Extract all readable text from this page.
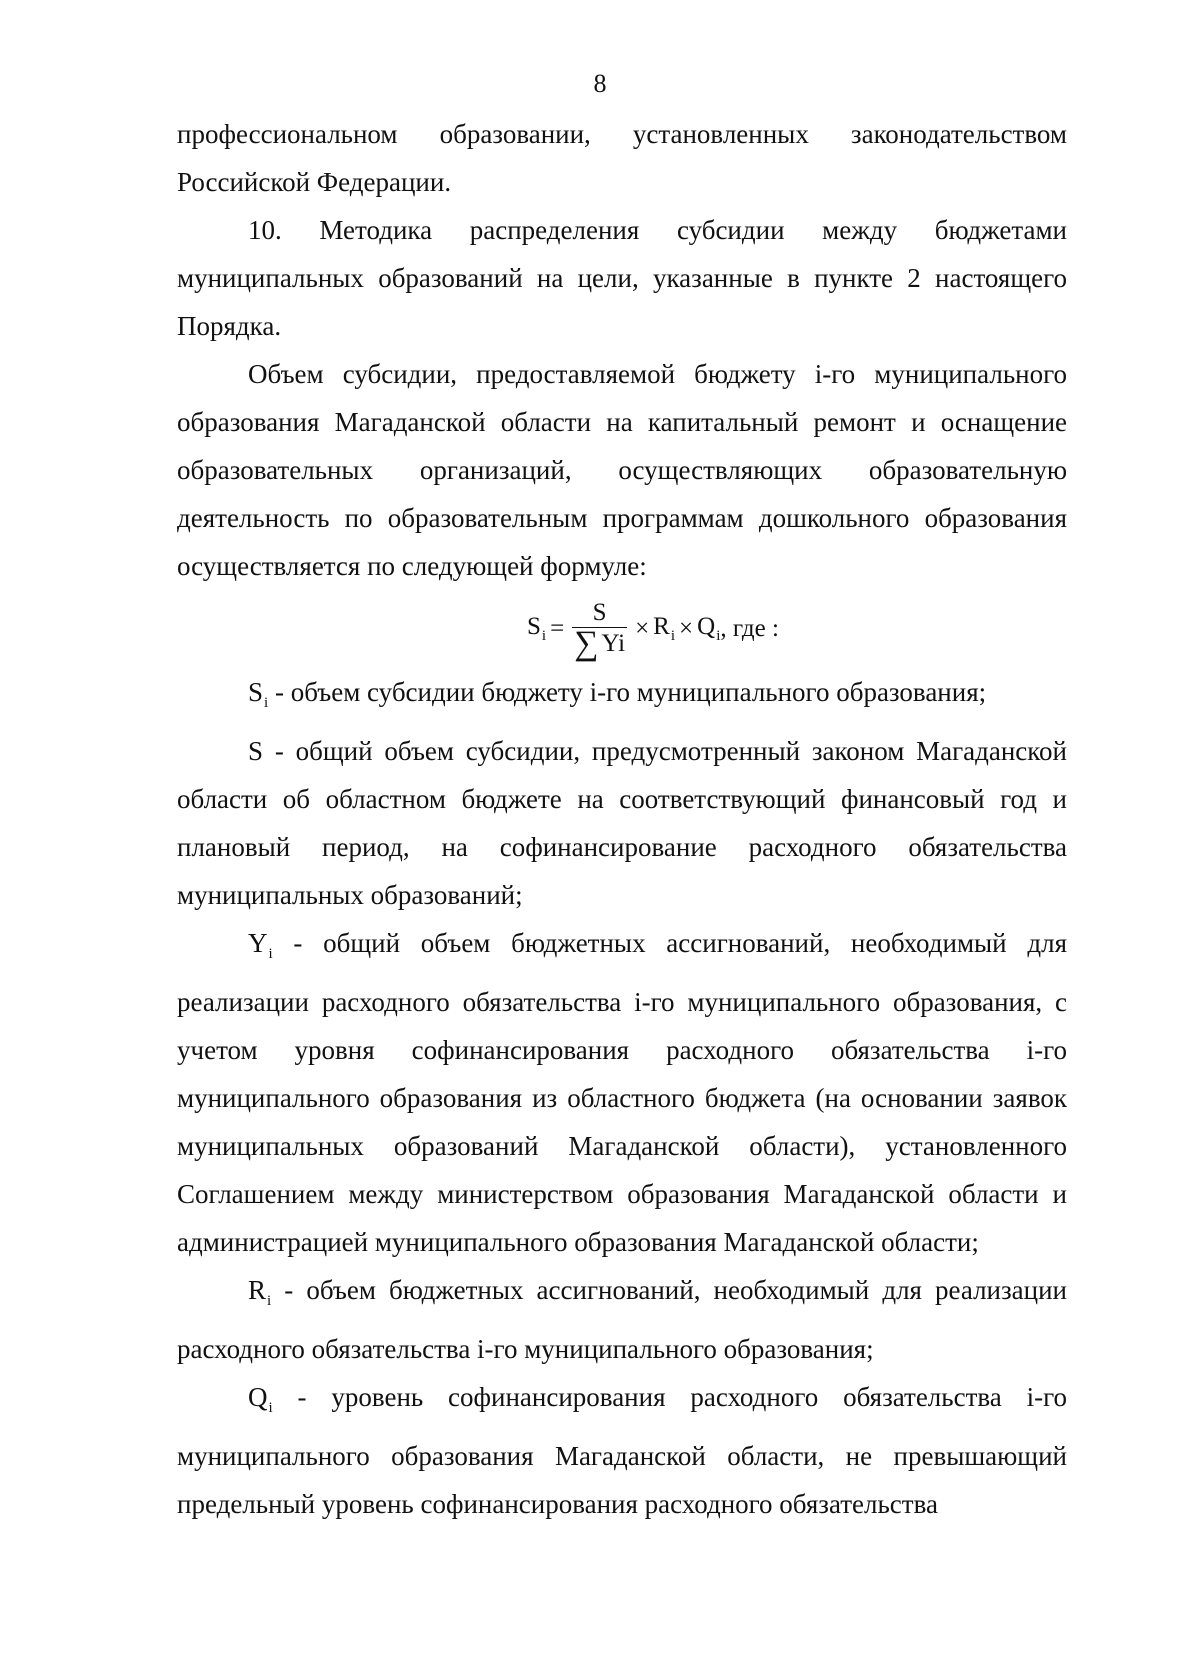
8

профессиональном образовании, установленных законодательством Российской Федерации.

10. Методика распределения субсидии между бюджетами муниципальных образований на цели, указанные в пункте 2 настоящего Порядка.

Объем субсидии, предоставляемой бюджету i-го муниципального образования Магаданской области на капитальный ремонт и оснащение образовательных организаций, осуществляющих образовательную деятельность по образовательным программам дошкольного образования осуществляется по следующей формуле:

$S_i = \frac{S}{\sum Yi} \times R_i \times Q_i$ , где :

$S_i$ - объем субсидии бюджету i-го муниципального образования;

S - общий объем субсидии, предусмотренный законом Магаданской области об областном бюджете на соответствующий финансовый год и плановый период, на софинансирование расходного обязательства муниципальных образований;

$Y_i$ - общий объем бюджетных ассигнований, необходимый для реализации расходного обязательства i-го муниципального образования, с учетом уровня софинансирования расходного обязательства i-го муниципального образования из областного бюджета (на основании заявок муниципальных образований Магаданской области), установленного Соглашением между министерством образования Магаданской области и администрацией муниципального образования Магаданской области;

$R_i$ - объем бюджетных ассигнований, необходимый для реализации расходного обязательства i-го муниципального образования;

$Q_i$ - уровень софинансирования расходного обязательства i-го муниципального образования Магаданской области, не превышающий предельный уровень софинансирования расходного обязательства
